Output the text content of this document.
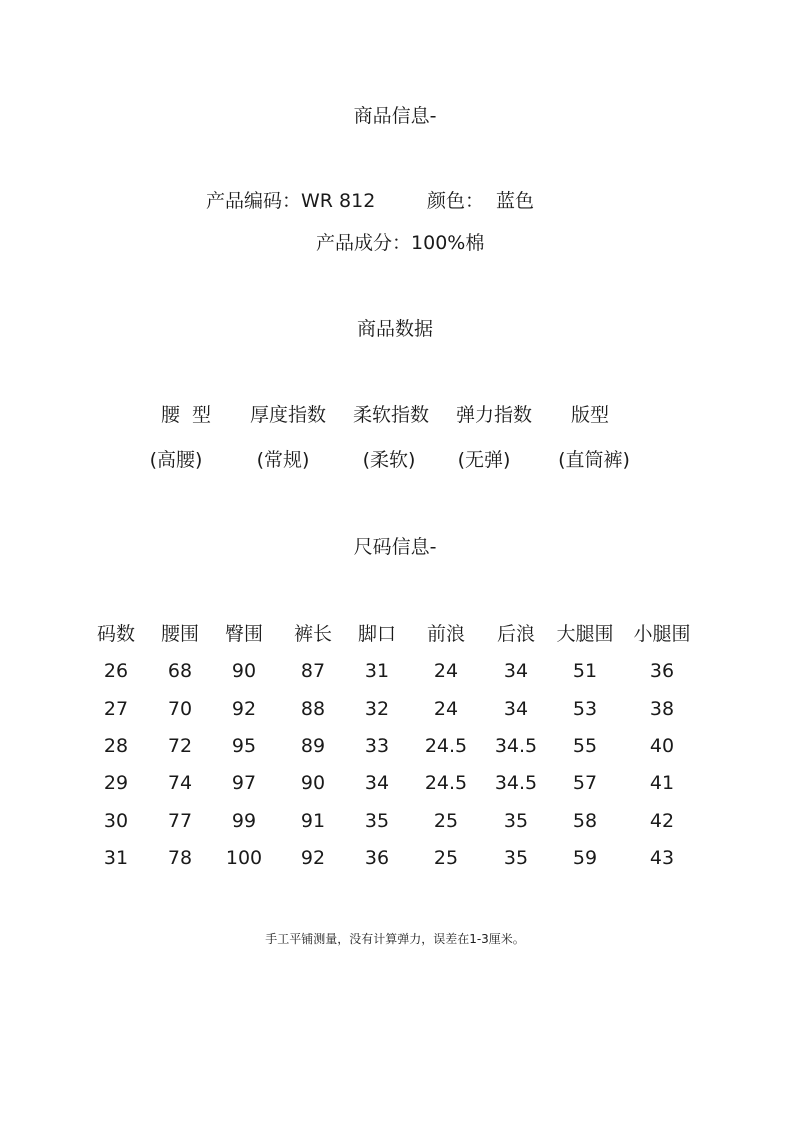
商品信息-
产品编码：WR 812	颜色： 蓝色
产品成分：100%棉
商品数据
腰  型 厚度指数 柔软指数 弹力指数 版型
(高腰)	(常规)	(柔软) (无弹)	(直筒裤)
尺码信息-
码数 腰围 臀围 裤长 脚口 前浪 后浪 大腿围 小腿围
26 68 90 87 31 24 34 51	36
27 70 92 88 32 24 34 53	38
28 72 95 89 33 24.5 34.5 55	40
29 74 97 90 34 24.5 34.5 57	41
30 77 99 91 35 25 35 58	42
31 78 100 92 36 25 35 59	43
手工平铺测量，没有计算弹力，误差在1-3厘米。
